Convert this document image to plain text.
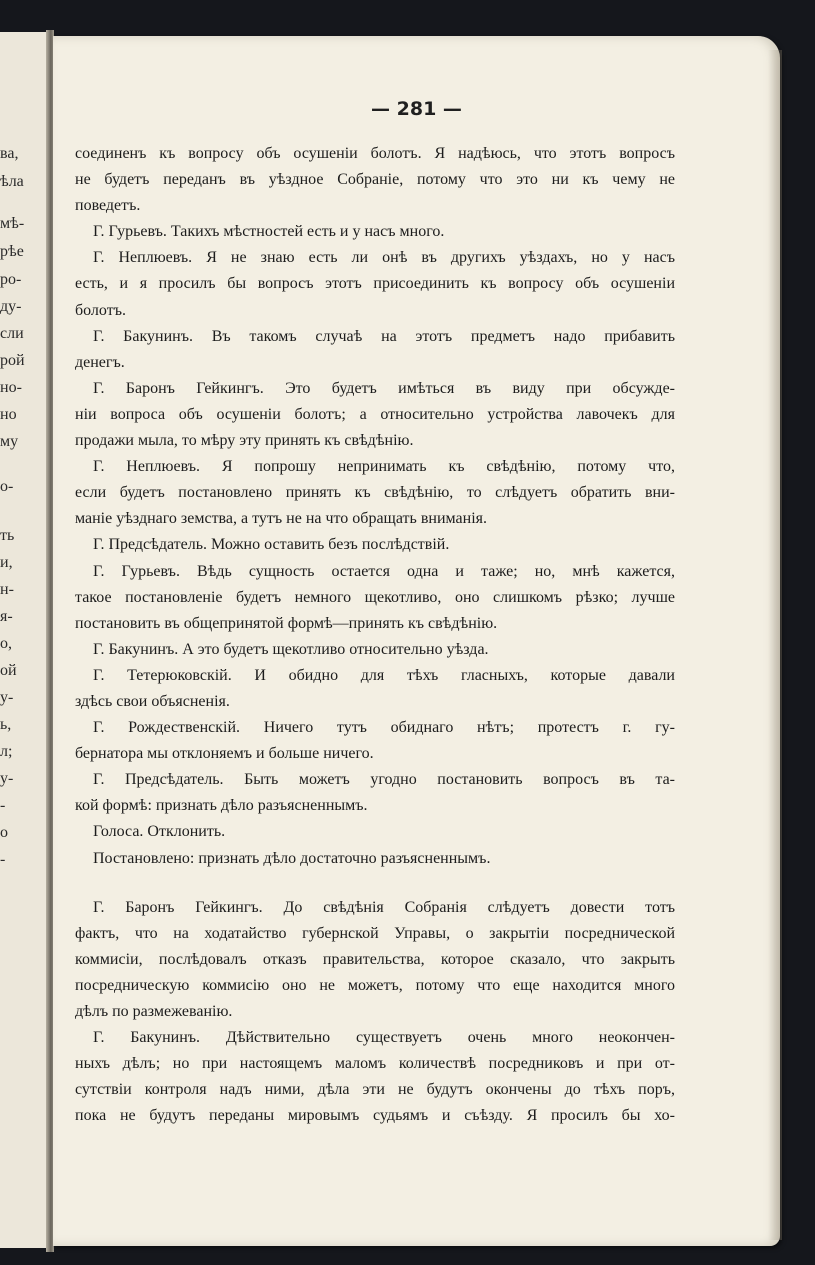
ва,
ѣла
мѣ-
рѣе
ро-
ду-
сли
рой
но-
но
му
о-
ть
и,
н-
я-
о,
ой
у-
ь,
л;
у-
-
о
-
— 281 —
соединенъ къ вопросу объ осушеніи болотъ. Я надѣюсь, что этотъ вопросъ
не будетъ переданъ въ уѣздное Собраніе, потому что это ни къ чему не
поведетъ.
Г. Гурьевъ. Такихъ мѣстностей есть и у насъ много.
Г. Неплюевъ. Я не знаю есть ли онѣ въ другихъ уѣздахъ, но у насъ
есть, и я просилъ бы вопросъ этотъ присоединить къ вопросу объ осушеніи
болотъ.
Г. Бакунинъ. Въ такомъ случаѣ на этотъ предметъ надо прибавить
денегъ.
Г. Баронъ Гейкингъ. Это будетъ имѣться въ виду при обсужде-
ніи вопроса объ осушеніи болотъ; а относительно устройства лавочекъ для
продажи мыла, то мѣру эту принять къ свѣдѣнію.
Г. Неплюевъ. Я попрошу непринимать къ свѣдѣнію, потому что,
если будетъ постановлено принять къ свѣдѣнію, то слѣдуетъ обратить вни-
маніе уѣзднаго земства, а тутъ не на что обращать вниманія.
Г. Предсѣдатель. Можно оставить безъ послѣдствій.
Г. Гурьевъ. Вѣдь сущность остается одна и таже; но, мнѣ кажется,
такое постановленіе будетъ немного щекотливо, оно слишкомъ рѣзко; лучше
постановить въ общепринятой формѣ—принять къ свѣдѣнію.
Г. Бакунинъ. А это будетъ щекотливо относительно уѣзда.
Г. Тетерюковскій. И обидно для тѣхъ гласныхъ, которые давали
здѣсь свои объясненія.
Г. Рождественскій. Ничего тутъ обиднаго нѣтъ; протестъ г. гу-
бернатора мы отклоняемъ и больше ничего.
Г. Предсѣдатель. Быть можетъ угодно постановить вопросъ въ та-
кой формѣ: признать дѣло разъясненнымъ.
Голоса. Отклонить.
Постановлено: признать дѣло достаточно разъясненнымъ.
Г. Баронъ Гейкингъ. До свѣдѣнія Собранія слѣдуетъ довести тотъ
фактъ, что на ходатайство губернской Управы, о закрытіи посреднической
коммисіи, послѣдовалъ отказъ правительства, которое сказало, что закрыть
посредническую коммисію оно не можетъ, потому что еще находится много
дѣлъ по размежеванію.
Г. Бакунинъ. Дѣйствительно существуетъ очень много неокончен-
ныхъ дѣлъ; но при настоящемъ маломъ количествѣ посредниковъ и при от-
сутствіи контроля надъ ними, дѣла эти не будутъ окончены до тѣхъ поръ,
пока не будутъ переданы мировымъ судьямъ и съѣзду. Я просилъ бы хо-
